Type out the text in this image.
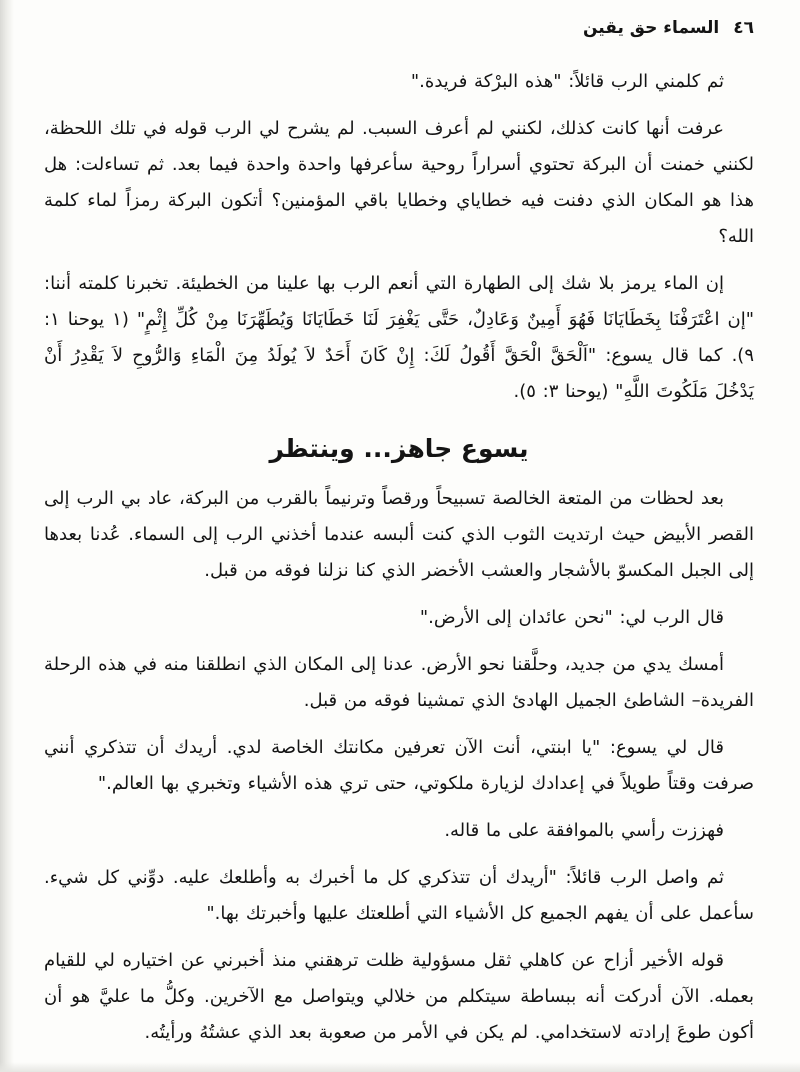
٤٦السماء حق يقين

ثم كلمني الرب قائلاً: "هذه البرْكة فريدة."

عرفت أنها كانت كذلك، لكنني لم أعرف السبب. لم يشرح لي الرب قوله في تلك اللحظة، لكنني خمنت أن البركة تحتوي أسراراً روحية سأعرفها واحدة واحدة فيما بعد. ثم تساءلت: هل هذا هو المكان الذي دفنت فيه خطاياي وخطايا باقي المؤمنين؟ أتكون البركة رمزاً لماء كلمة الله؟

إن الماء يرمز بلا شك إلى الطهارة التي أنعم الرب بها علينا من الخطيئة. تخبرنا كلمته أننا: "إن اعْتَرَفْنَا بِخَطَايَانَا فَهُوَ أَمِينٌ وَعَادِلٌ، حَتَّى يَغْفِرَ لَنَا خَطَايَانَا وَيُطَهِّرَنَا مِنْ كُلِّ إِثْمٍ" (١ يوحنا ١: ٩). كما قال يسوع: "اَلْحَقَّ الْحَقَّ أَقُولُ لَكَ: إِنْ كَانَ أَحَدٌ لاَ يُولَدُ مِنَ الْمَاءِ وَالرُّوحِ لاَ يَقْدِرُ أَنْ يَدْخُلَ مَلَكُوتَ اللَّهِ" (يوحنا ٣: ٥).

يسوع جاهز... وينتظر

بعد لحظات من المتعة الخالصة تسبيحاً ورقصاً وترنيماً بالقرب من البركة، عاد بي الرب إلى القصر الأبيض حيث ارتديت الثوب الذي كنت ألبسه عندما أخذني الرب إلى السماء. عُدنا بعدها إلى الجبل المكسوّ بالأشجار والعشب الأخضر الذي كنا نزلنا فوقه من قبل.

قال الرب لي: "نحن عائدان إلى الأرض."

أمسك يدي من جديد، وحلَّقنا نحو الأرض. عدنا إلى المكان الذي انطلقنا منه في هذه الرحلة الفريدة– الشاطئ الجميل الهادئ الذي تمشينا فوقه من قبل.

قال لي يسوع: "يا ابنتي، أنت الآن تعرفين مكانتك الخاصة لدي. أريدك أن تتذكري أنني صرفت وقتاً طويلاً في إعدادك لزيارة ملكوتي، حتى تري هذه الأشياء وتخبري بها العالم."

فهززت رأسي بالموافقة على ما قاله.

ثم واصل الرب قائلاً: "أريدك أن تتذكري كل ما أخبرك به وأطلعك عليه. دوِّني كل شيء. سأعمل على أن يفهم الجميع كل الأشياء التي أطلعتك عليها وأخبرتك بها."

قوله الأخير أزاح عن كاهلي ثقل مسؤولية ظلت ترهقني منذ أخبرني عن اختياره لي للقيام بعمله. الآن أدركت أنه ببساطة سيتكلم من خلالي ويتواصل مع الآخرين. وكلُّ ما عليَّ هو أن أكون طوعَ إرادته لاستخدامي. لم يكن في الأمر من صعوبة بعد الذي عشتُهُ ورأيتُه.
